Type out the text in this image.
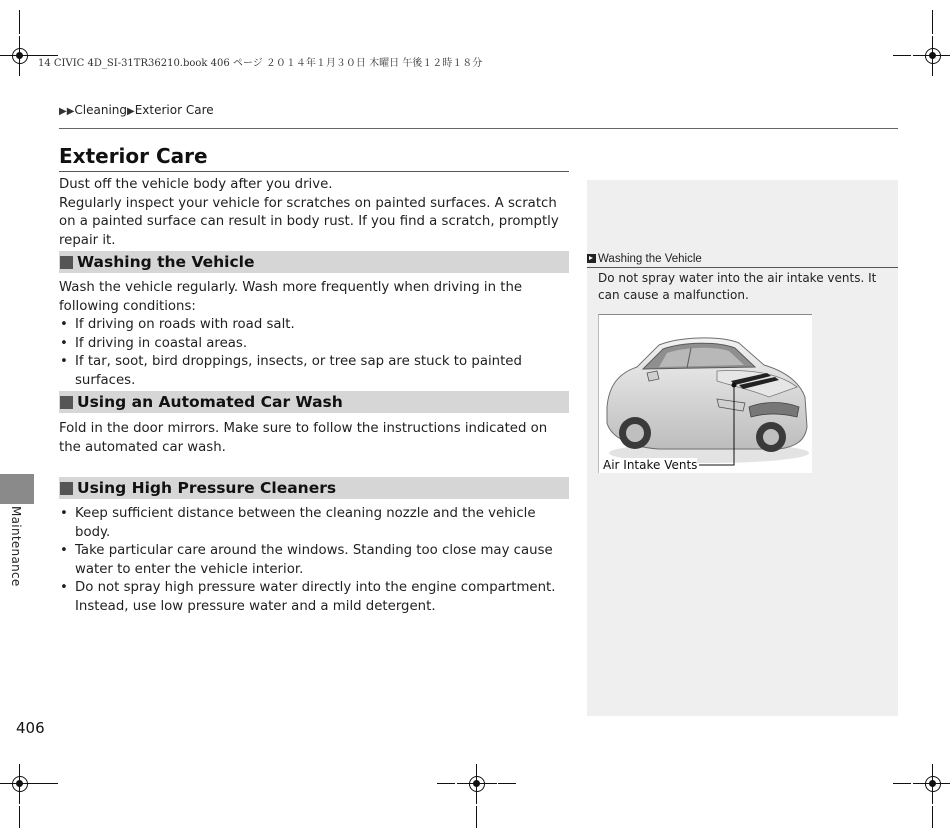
14 CIVIC 4D_SI-31TR36210.book 406 ページ ２０１４年１月３０日 木曜日 午後１２時１８分
▶▶Cleaning▶Exterior Care
Exterior Care

Dust off the vehicle body after you drive.

Regularly inspect your vehicle for scratches on painted surfaces. A scratch on a painted surface can result in body rust. If you find a scratch, promptly repair it.

Washing the Vehicle

Wash the vehicle regularly. Wash more frequently when driving in the following conditions:

• If driving on roads with road salt.
• If driving in coastal areas.
• If tar, soot, bird droppings, insects, or tree sap are stuck to painted surfaces.
Using an Automated Car Wash

Fold in the door mirrors. Make sure to follow the instructions indicated on the automated car wash.

Using High Pressure Cleaners
• Keep sufficient distance between the cleaning nozzle and the vehicle body.
• Take particular care around the windows. Standing too close may cause water to enter the vehicle interior.
• Do not spray high pressure water directly into the engine compartment. Instead, use low pressure water and a mild detergent.
Washing the Vehicle

Do not spray water into the air intake vents. It can cause a malfunction.

Air Intake Vents
Maintenance
406
